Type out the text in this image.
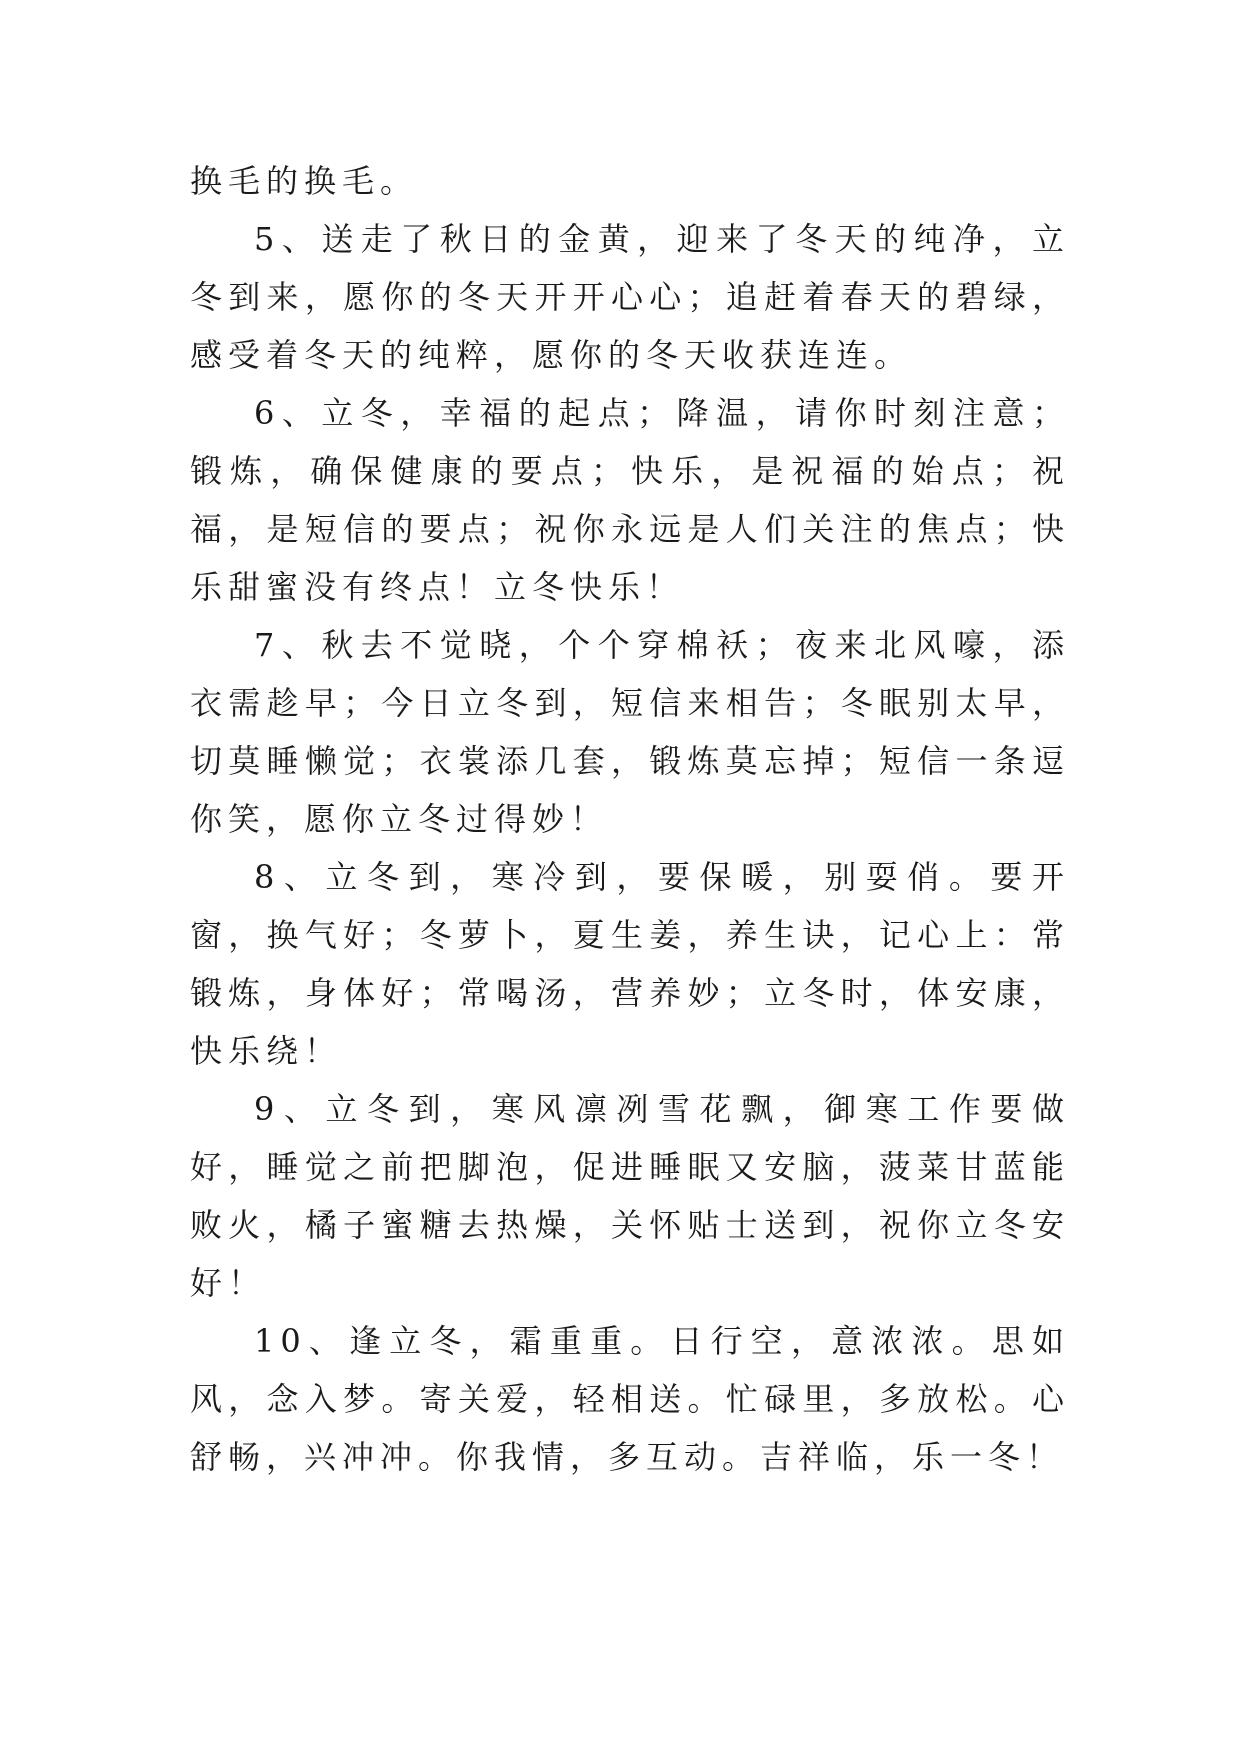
换毛的换毛。

5、送走了秋日的金黄，迎来了冬天的纯净，立冬到来，愿你的冬天开开心心；追赶着春天的碧绿，感受着冬天的纯粹，愿你的冬天收获连连。

6、立冬，幸福的起点；降温，请你时刻注意；锻炼，确保健康的要点；快乐，是祝福的始点；祝福，是短信的要点；祝你永远是人们关注的焦点；快乐甜蜜没有终点！立冬快乐！

7、秋去不觉晓，个个穿棉袄；夜来北风嚎，添衣需趁早；今日立冬到，短信来相告；冬眠别太早，切莫睡懒觉；衣裳添几套，锻炼莫忘掉；短信一条逗你笑，愿你立冬过得妙！

8、立冬到，寒冷到，要保暖，别耍俏。要开窗，换气好；冬萝卜，夏生姜，养生诀，记心上：常锻炼，身体好；常喝汤，营养妙；立冬时，体安康，快乐绕！

9、立冬到，寒风凛冽雪花飘，御寒工作要做好，睡觉之前把脚泡，促进睡眠又安脑，菠菜甘蓝能败火，橘子蜜糖去热燥，关怀贴士送到，祝你立冬安好！

10、逢立冬，霜重重。日行空，意浓浓。思如风，念入梦。寄关爱，轻相送。忙碌里，多放松。心舒畅，兴冲冲。你我情，多互动。吉祥临，乐一冬！
